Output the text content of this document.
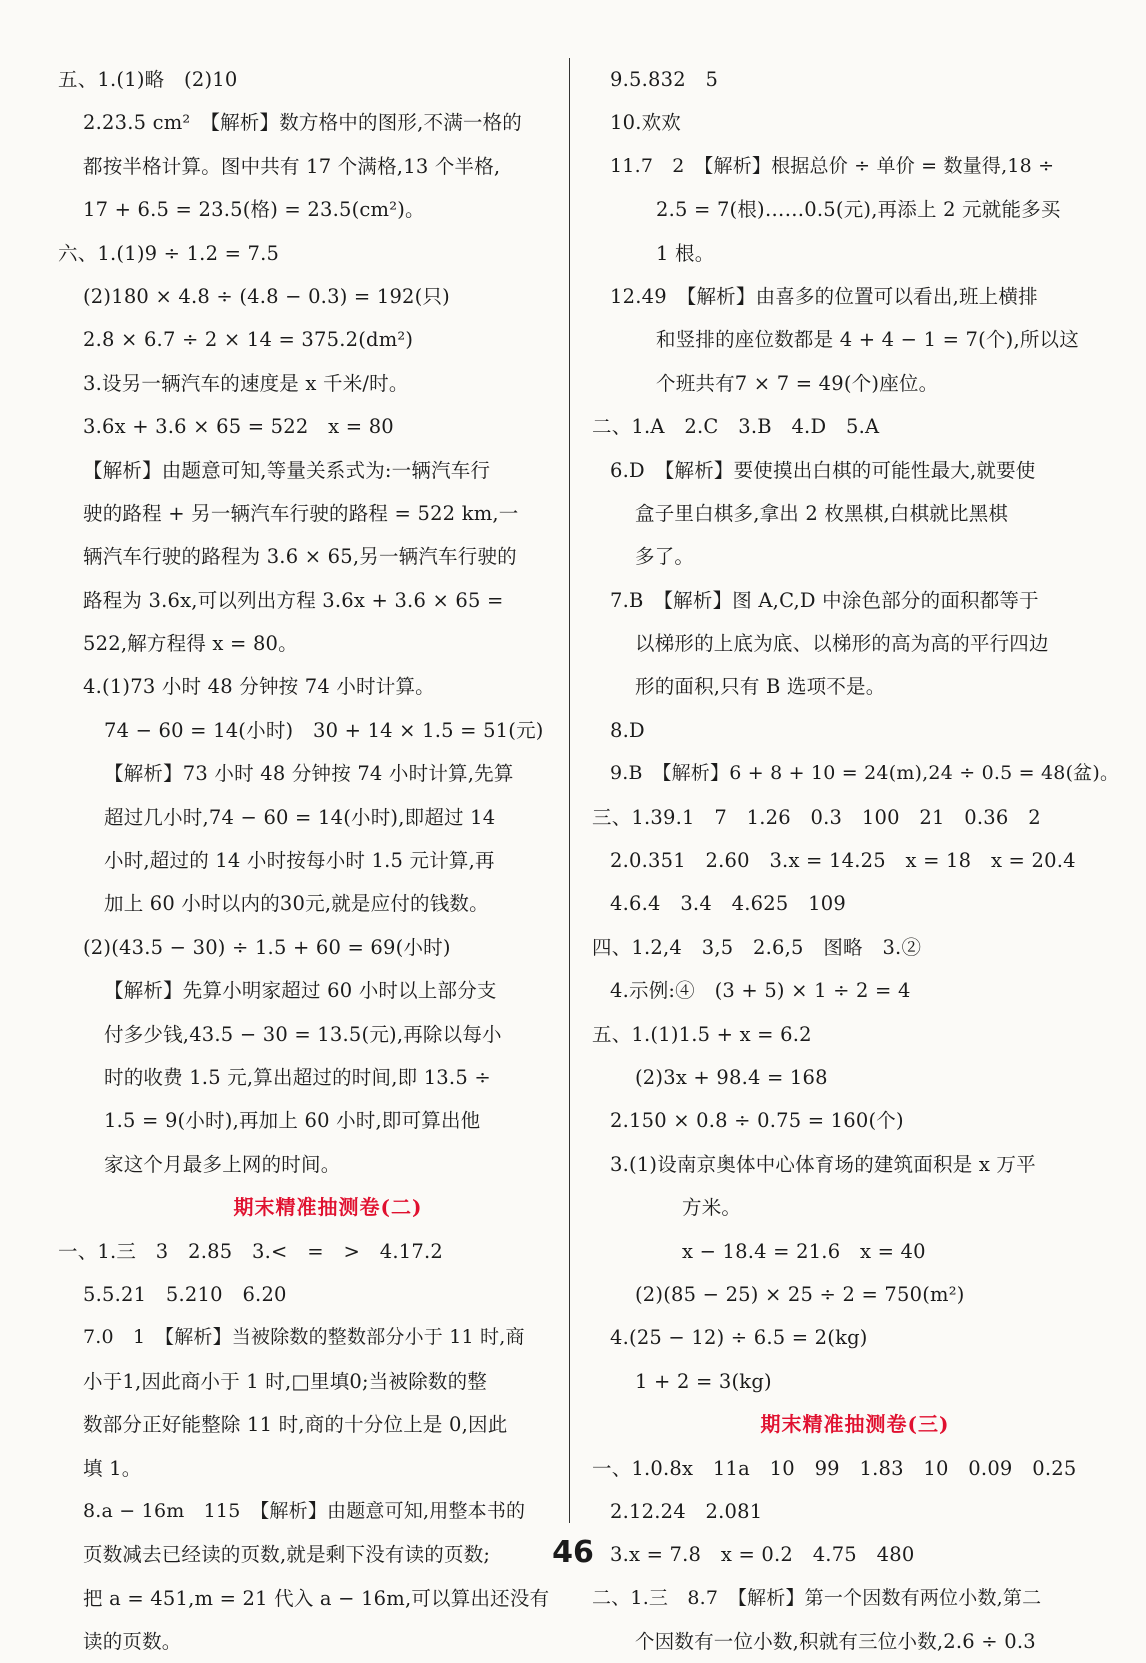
五、1.(1)略　(2)10
2.23.5 cm²　【解析】数方格中的图形,不满一格的
都按半格计算。图中共有 17 个满格,13 个半格,
17 + 6.5 = 23.5(格) = 23.5(cm²)。
六、1.(1)9 ÷ 1.2 = 7.5
(2)180 × 4.8 ÷ (4.8 − 0.3) = 192(只)
2.8 × 6.7 ÷ 2 × 14 = 375.2(dm²)
3.设另一辆汽车的速度是 x 千米/时。
3.6x + 3.6 × 65 = 522　x = 80
【解析】由题意可知,等量关系式为:一辆汽车行
驶的路程 + 另一辆汽车行驶的路程 = 522 km,一
辆汽车行驶的路程为 3.6 × 65,另一辆汽车行驶的
路程为 3.6x,可以列出方程 3.6x + 3.6 × 65 =
522,解方程得 x = 80。
4.(1)73 小时 48 分钟按 74 小时计算。
74 − 60 = 14(小时)　30 + 14 × 1.5 = 51(元)
【解析】73 小时 48 分钟按 74 小时计算,先算
超过几小时,74 − 60 = 14(小时),即超过 14
小时,超过的 14 小时按每小时 1.5 元计算,再
加上 60 小时以内的30元,就是应付的钱数。
(2)(43.5 − 30) ÷ 1.5 + 60 = 69(小时)
【解析】先算小明家超过 60 小时以上部分支
付多少钱,43.5 − 30 = 13.5(元),再除以每小
时的收费 1.5 元,算出超过的时间,即 13.5 ÷
1.5 = 9(小时),再加上 60 小时,即可算出他
家这个月最多上网的时间。
期末精准抽测卷(二)
一、1.三　3　2.85　3.<　=　>　4.17.2
5.5.21　5.210　6.20
7.0　1　【解析】当被除数的整数部分小于 11 时,商
小于1,因此商小于 1 时,□里填0;当被除数的整
数部分正好能整除 11 时,商的十分位上是 0,因此
填 1。
8.a − 16m　115　【解析】由题意可知,用整本书的
页数减去已经读的页数,就是剩下没有读的页数;
把 a = 451,m = 21 代入 a − 16m,可以算出还没有
读的页数。
9.5.832　5
10.欢欢
11.7　2　【解析】根据总价 ÷ 单价 = 数量得,18 ÷
2.5 = 7(根)……0.5(元),再添上 2 元就能多买
1 根。
12.49　【解析】由喜多的位置可以看出,班上横排
和竖排的座位数都是 4 + 4 − 1 = 7(个),所以这
个班共有7 × 7 = 49(个)座位。
二、1.A　2.C　3.B　4.D　5.A
6.D　【解析】要使摸出白棋的可能性最大,就要使
盒子里白棋多,拿出 2 枚黑棋,白棋就比黑棋
多了。
7.B　【解析】图 A,C,D 中涂色部分的面积都等于
以梯形的上底为底、以梯形的高为高的平行四边
形的面积,只有 B 选项不是。
8.D
9.B　【解析】6 + 8 + 10 = 24(m),24 ÷ 0.5 = 48(盆)。
三、1.39.1　7　1.26　0.3　100　21　0.36　2
2.0.351　2.60　3.x = 14.25　x = 18　x = 20.4
4.6.4　3.4　4.625　109
四、1.2,4　3,5　2.6,5　图略　3.②
4.示例:④　(3 + 5) × 1 ÷ 2 = 4
五、1.(1)1.5 + x = 6.2
(2)3x + 98.4 = 168
2.150 × 0.8 ÷ 0.75 = 160(个)
3.(1)设南京奥体中心体育场的建筑面积是 x 万平
方米。
x − 18.4 = 21.6　x = 40
(2)(85 − 25) × 25 ÷ 2 = 750(m²)
4.(25 − 12) ÷ 6.5 = 2(kg)
1 + 2 = 3(kg)
期末精准抽测卷(三)
一、1.0.8x　11a　10　99　1.83　10　0.09　0.25
2.12.24　2.081
3.x = 7.8　x = 0.2　4.75　480
二、1.三　8.7　【解析】第一个因数有两位小数,第二
个因数有一位小数,积就有三位小数,2.6 ÷ 0.3
46
